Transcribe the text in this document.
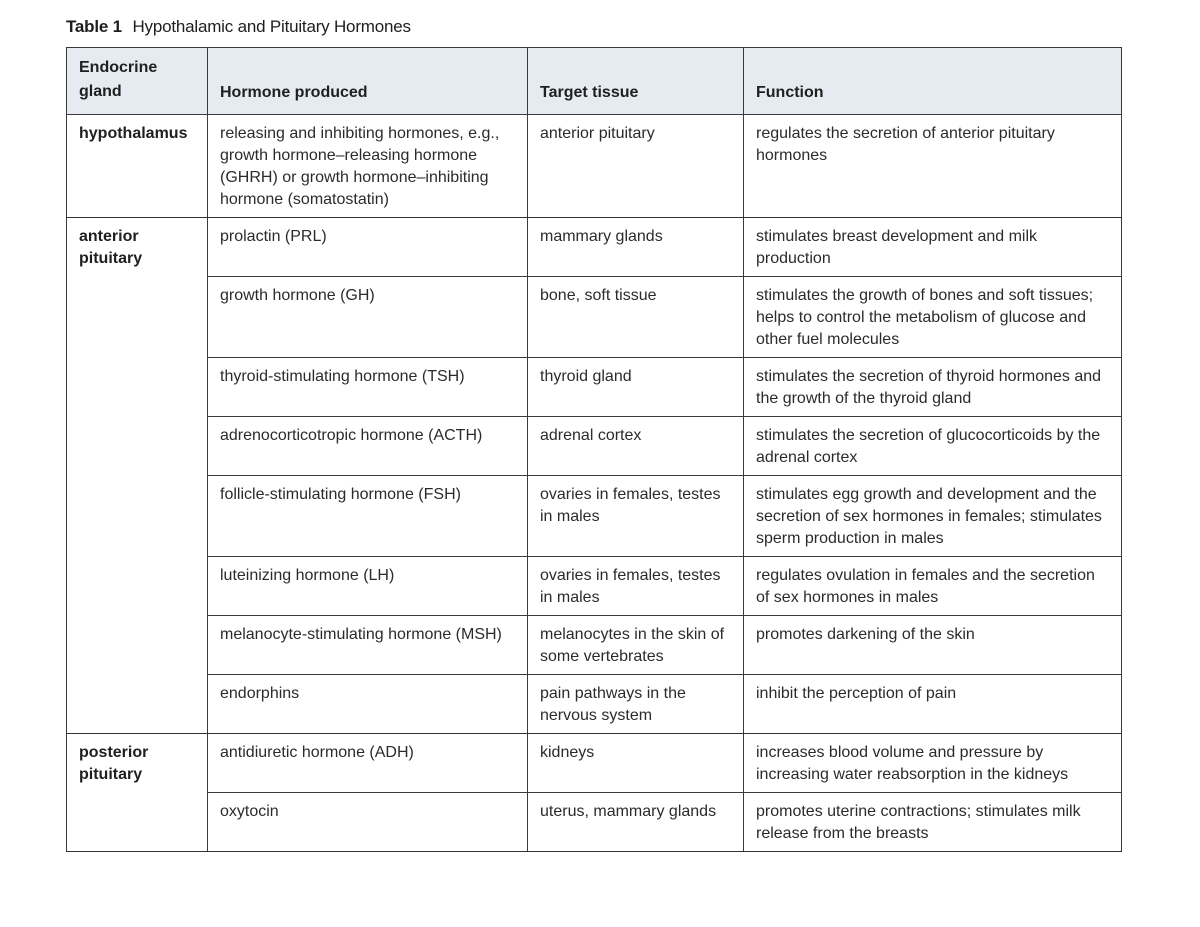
Table 1 Hypothalamic and Pituitary Hormones
Endocrine gland	Hormone produced	Target tissue	Function
hypothalamus	releasing and inhibiting hormones, e.g., growth hormone–releasing hormone (GHRH) or growth hormone–inhibiting hormone (somatostatin)	anterior pituitary	regulates the secretion of anterior pituitary hormones
anterior pituitary	prolactin (PRL)	mammary glands	stimulates breast development and milk production
	growth hormone (GH)	bone, soft tissue	stimulates the growth of bones and soft tissues; helps to control the metabolism of glucose and other fuel molecules
	thyroid-stimulating hormone (TSH)	thyroid gland	stimulates the secretion of thyroid hormones and the growth of the thyroid gland
	adrenocorticotropic hormone (ACTH)	adrenal cortex	stimulates the secretion of glucocorticoids by the adrenal cortex
	follicle-stimulating hormone (FSH)	ovaries in females, testes in males	stimulates egg growth and development and the secretion of sex hormones in females; stimulates sperm production in males
	luteinizing hormone (LH)	ovaries in females, testes in males	regulates ovulation in females and the secretion of sex hormones in males
	melanocyte-stimulating hormone (MSH)	melanocytes in the skin of some vertebrates	promotes darkening of the skin
	endorphins	pain pathways in the nervous system	inhibit the perception of pain
posterior pituitary	antidiuretic hormone (ADH)	kidneys	increases blood volume and pressure by increasing water reabsorption in the kidneys
	oxytocin	uterus, mammary glands	promotes uterine contractions; stimulates milk release from the breasts
